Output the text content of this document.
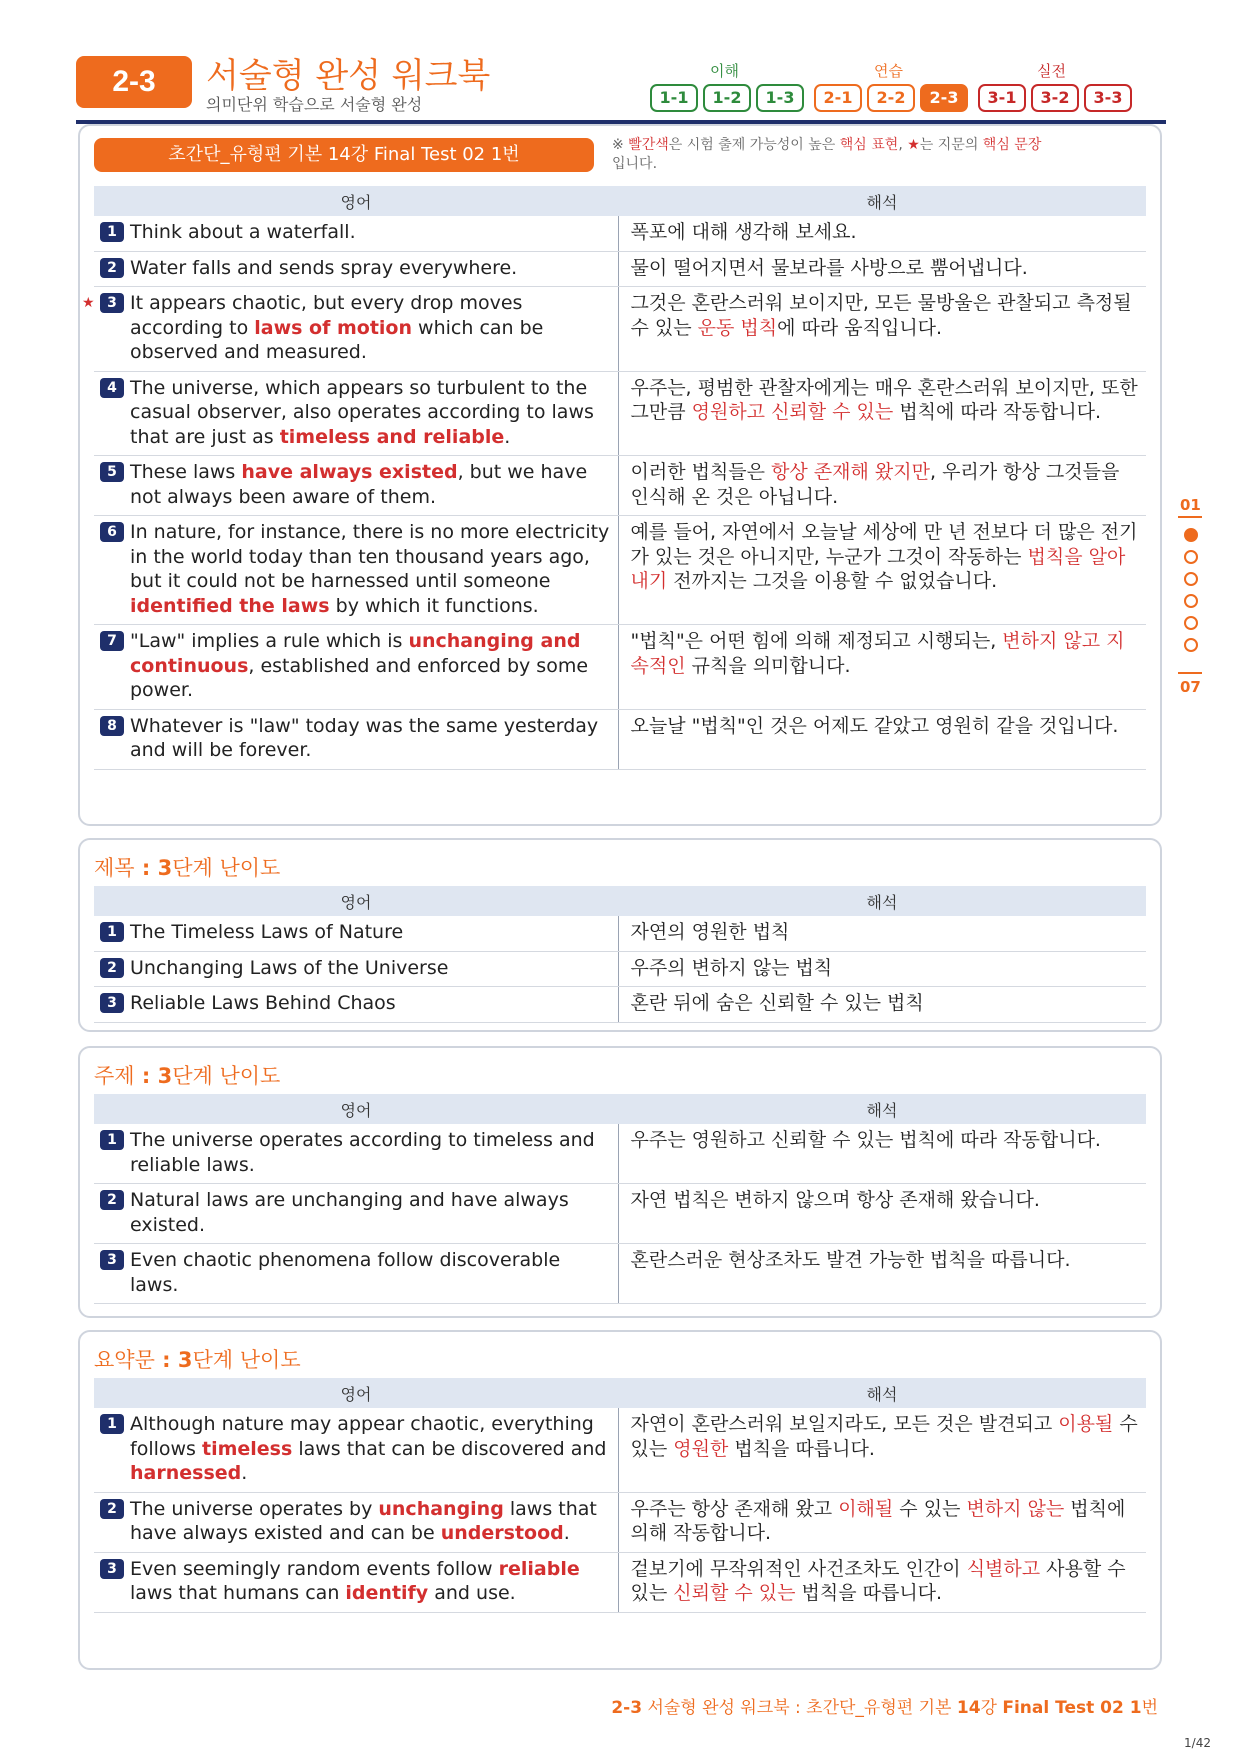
2-3	서술형 완성 워크북
의미단위 학습으로 서술형 완성
이해	연습	실전
1-1	1-2	1-3	2-1	2-2	2-3	3-1	3-2	3-3
초간단_유형편 기본 14강 Final Test 02 1번	※ 빨간색은 시험 출제 가능성이 높은 핵심 표현, ★는 지문의 핵심 문장
입니다.
영어	해석

1 Think about a waterfall.	폭포에 대해 생각해 보세요.

2 Water falls and sends spray everywhere.	물이 떨어지면서 물보라를 사방으로 뿜어냅니다.

★ 3 It appears chaotic, but every drop moves according to laws of motion which can be observed and measured.	그것은 혼란스러워 보이지만, 모든 물방울은 관찰되고 측정될 수 있는 운동 법칙에 따라 움직입니다.

4 The universe, which appears so turbulent to the casual observer, also operates according to laws that are just as timeless and reliable.	우주는, 평범한 관찰자에게는 매우 혼란스러워 보이지만, 또한 그만큼 영원하고 신뢰할 수 있는 법칙에 따라 작동합니다.

5 These laws have always existed, but we have not always been aware of them.	이러한 법칙들은 항상 존재해 왔지만, 우리가 항상 그것들을 인식해 온 것은 아닙니다.

6 In nature, for instance, there is no more electricity in the world today than ten thousand years ago, but it could not be harnessed until someone identified the laws by which it functions.	예를 들어, 자연에서 오늘날 세상에 만 년 전보다 더 많은 전기가 있는 것은 아니지만, 누군가 그것이 작동하는 법칙을 알아내기 전까지는 그것을 이용할 수 없었습니다.

7 "Law" implies a rule which is unchanging and continuous, established and enforced by some power.	"법칙"은 어떤 힘에 의해 제정되고 시행되는, 변하지 않고 지속적인 규칙을 의미합니다.

8 Whatever is "law" today was the same yesterday and will be forever.	오늘날 "법칙"인 것은 어제도 같았고 영원히 같을 것입니다.
제목 : 3단계 난이도
영어	해석

1 The Timeless Laws of Nature	자연의 영원한 법칙

2 Unchanging Laws of the Universe	우주의 변하지 않는 법칙

3 Reliable Laws Behind Chaos	혼란 뒤에 숨은 신뢰할 수 있는 법칙
주제 : 3단계 난이도
영어	해석

1 The universe operates according to timeless and reliable laws.	우주는 영원하고 신뢰할 수 있는 법칙에 따라 작동합니다.

2 Natural laws are unchanging and have always existed.	자연 법칙은 변하지 않으며 항상 존재해 왔습니다.

3 Even chaotic phenomena follow discoverable laws.	혼란스러운 현상조차도 발견 가능한 법칙을 따릅니다.
요약문 : 3단계 난이도
영어	해석

1 Although nature may appear chaotic, everything follows timeless laws that can be discovered and harnessed.	자연이 혼란스러워 보일지라도, 모든 것은 발견되고 이용될 수 있는 영원한 법칙을 따릅니다.

2 The universe operates by unchanging laws that have always existed and can be understood.	우주는 항상 존재해 왔고 이해될 수 있는 변하지 않는 법칙에 의해 작동합니다.

3 Even seemingly random events follow reliable laws that humans can identify and use.	겉보기에 무작위적인 사건조차도 인간이 식별하고 사용할 수 있는 신뢰할 수 있는 법칙을 따릅니다.
01
07
2-3 서술형 완성 워크북 : 초간단_유형편 기본 14강 Final Test 02 1번
1/42
